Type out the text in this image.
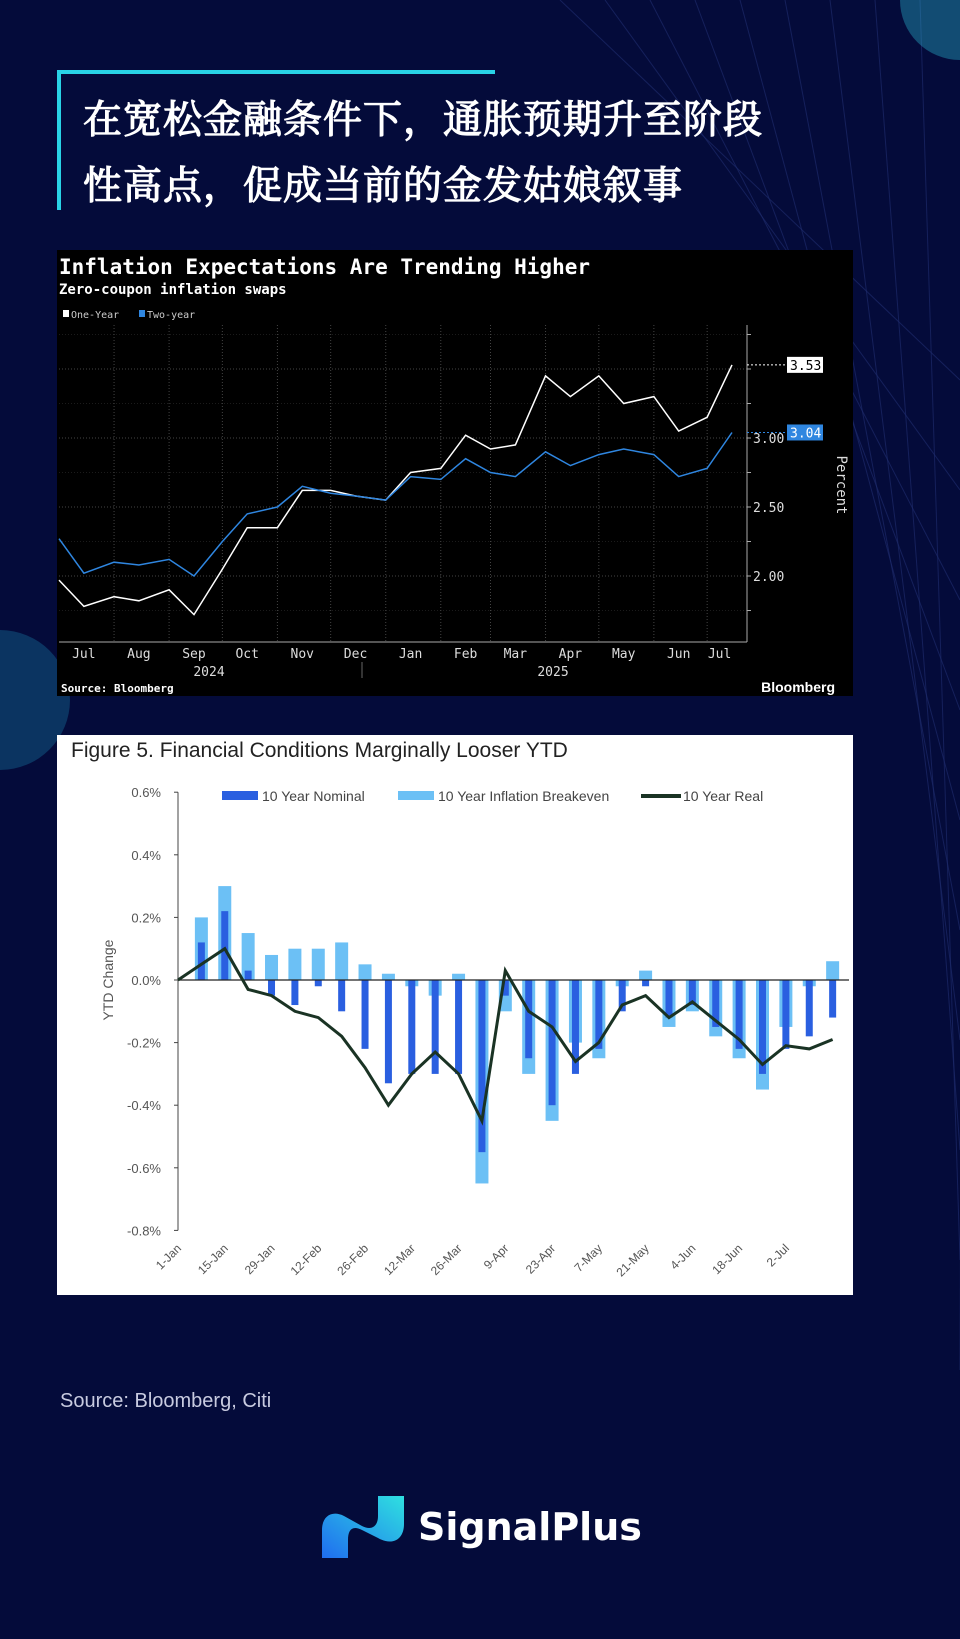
在宽松金融条件下，通胀预期升至阶段
性高点，促成当前的金发姑娘叙事
Inflation Expectations Are Trending Higher
Zero-coupon inflation swaps
One-Year	Two-year
Jul Aug Sep Oct Nov Dec Jan Feb Mar Apr May Jun Jul
2024	2025
2.00
2.50
3.00
Percent
3.53
3.04
Source: Bloomberg	Bloomberg
Figure 5. Financial Conditions Marginally Looser YTD
0.6%
0.4%
0.2%
0.0%
-0.2%
-0.4%
-0.6%
-0.8%
YTD Change
1-Jan 15-Jan 29-Jan 12-Feb 26-Feb 12-Mar 26-Mar 9-Apr 23-Apr 7-May 21-May 4-Jun 18-Jun 2-Jul
10 Year Nominal	10 Year Inflation Breakeven	10 Year Real
Source: Bloomberg, Citi
SignalPlus
